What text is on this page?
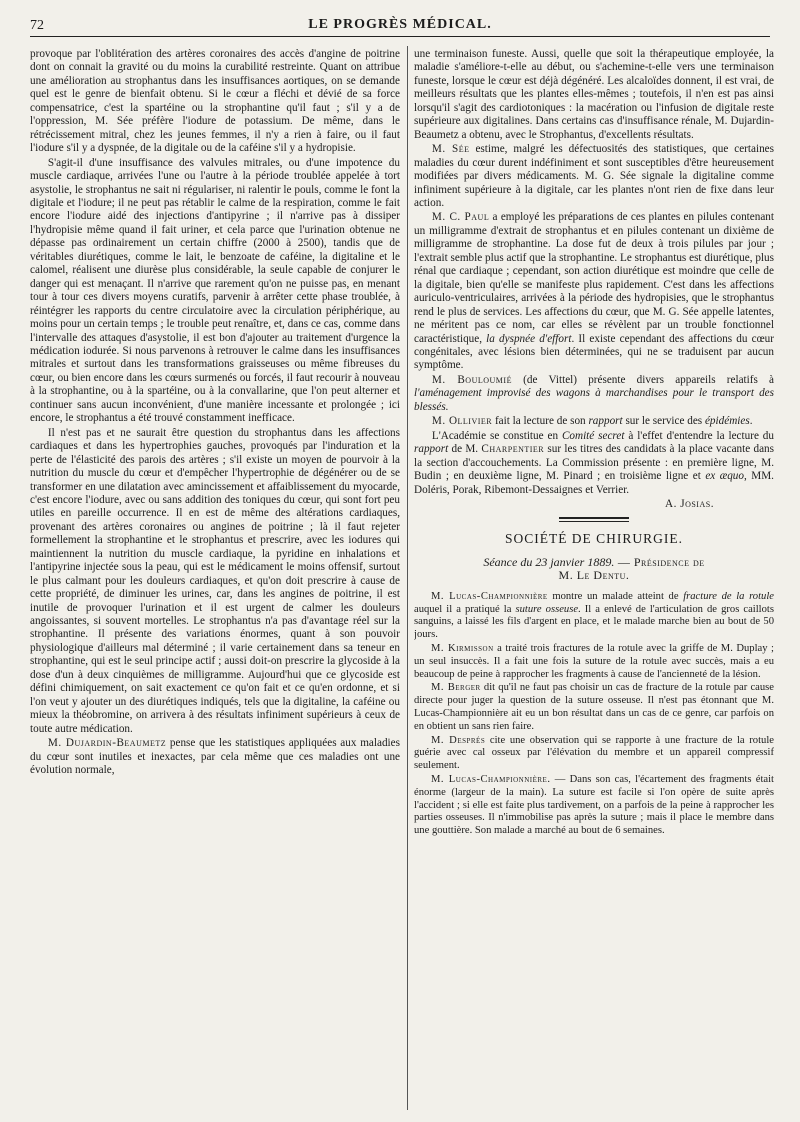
72	LE PROGRÈS MÉDICAL.

provoque par l'oblitération des artères coronaires des accès d'angine de poitrine dont on connait la gravité ou du moins la curabilité restreinte. Quant on attribue une amélioration au strophantus dans les insuffisances aortiques, on se demande quel est le genre de bienfait obtenu. Si le cœur a fléchi et dévié de sa force compensatrice, c'est la spartéine ou la strophantine qu'il faut ; s'il y a de l'oppression, M. Sée préfère l'iodure de potassium. De même, dans le rétrécissement mitral, chez les jeunes femmes, il n'y a rien à faire, ou il faut l'iodure s'il y a dyspnée, de la digitale ou de la caféine s'il y a hydropisie.

S'agit-il d'une insuffisance des valvules mitrales, ou d'une impotence du muscle cardiaque, arrivées l'une ou l'autre à la période troublée appelée à tort asystolie, le strophantus ne sait ni régulariser, ni ralentir le pouls, comme le font la digitale et l'iodure; il ne peut pas rétablir le calme de la respiration, comme le fait encore l'iodure aidé des injections d'antipyrine ; il n'arrive pas à dissiper l'hydropisie même quand il fait uriner, et cela parce que l'urination obtenue ne dépasse pas ordinairement un certain chiffre (2000 à 2500), tandis que de véritables diurétiques, comme le lait, le benzoate de caféine, la digitaline et le calomel, réalisent une diurèse plus considérable, la seule capable de conjurer le danger qui est menaçant. Il n'arrive que rarement qu'on ne puisse pas, en menant tour à tour ces divers moyens curatifs, parvenir à arrêter cette phase troublée, à réintégrer les rapports du centre circulatoire avec la circulation périphérique, au moins pour un certain temps ; le trouble peut renaître, et, dans ce cas, comme dans l'intervalle des attaques d'asystolie, il est bon d'ajouter au traitement d'urgence la médication iodurée. Si nous parvenons à retrouver le calme dans les insuffisances mitrales et surtout dans les transformations graisseuses ou même fibreuses du cœur, ou bien encore dans les cœurs surmenés ou forcés, il faut recourir à nouveau à la strophantine, ou à la spartéine, ou à la convallarine, que l'on peut alterner et continuer sans aucun inconvénient, d'une manière incessante et prolongée ; ici encore, le strophantus a été trouvé constamment inefficace.

Il n'est pas et ne saurait être question du strophantus dans les affections cardiaques et dans les hypertrophies gauches, provoqués par l'induration et la perte de l'élasticité des parois des artères ; s'il existe un moyen de pourvoir à la nutrition du muscle du cœur et d'empêcher l'hypertrophie de dégénérer ou de se transformer en une dilatation avec amincissement et affaiblissement du myocarde, c'est encore l'iodure, avec ou sans addition des toniques du cœur, qui sont fort peu utiles en pareille occurrence. Il en est de même des altérations cardiaques, provenant des artères coronaires ou angines de poitrine ; là il faut rejeter formellement la strophantine et le strophantus et prescrire, avec les iodures qui maintiennent la nutrition du muscle cardiaque, la pyridine en inhalations et l'antipyrine injectée sous la peau, qui est le médicament le moins offensif, surtout le plus calmant pour les douleurs cardiaques, et qu'on doit prescrire à cause de cette propriété, de diminuer les urines, car, dans les angines de poitrine, il est inutile de provoquer l'urination et il est urgent de calmer les douleurs angoissantes, si souvent mortelles. Le strophantus n'a pas d'avantage réel sur la strophantine. Il présente des variations énormes, quant à son pouvoir physiologique d'ailleurs mal déterminé ; il varie certainement dans sa teneur en strophantine, qui est le seul principe actif ; aussi doit-on prescrire la glycoside à la dose d'un à deux cinquièmes de milligramme. Aujourd'hui que ce glycoside est défini chimiquement, on sait exactement ce qu'on fait et ce qu'en ordonne, et si l'on veut y ajouter un des diurétiques indiqués, tels que la digitaline, la caféine ou mieux la théobromine, on arrivera à des résultats infiniment supérieurs à ceux de toute autre médication.

M. Dujardin-Beaumetz pense que les statistiques appliquées aux maladies du cœur sont inutiles et inexactes, par cela même que ces maladies ont une évolution normale,

une terminaison funeste. Aussi, quelle que soit la thérapeutique employée, la maladie s'améliore-t-elle au début, ou s'achemine-t-elle vers une terminaison funeste, lorsque le cœur est déjà dégénéré. Les alcaloïdes donnent, il est vrai, de meilleurs résultats que les plantes elles-mêmes ; toutefois, il n'en est pas ainsi lorsqu'il s'agit des cardiotoniques : la macération ou l'infusion de digitale reste supérieure aux digitalines. Dans certains cas d'insuffisance rénale, M. Dujardin-Beaumetz a obtenu, avec le Strophantus, d'excellents résultats.

M. Sée estime, malgré les défectuosités des statistiques, que certaines maladies du cœur durent indéfiniment et sont susceptibles d'être heureusement modifiées par divers médicaments. M. G. Sée signale la digitaline comme infiniment supérieure à la digitale, car les plantes n'ont rien de fixe dans leur action.

M. C. Paul a employé les préparations de ces plantes en pilules contenant un milligramme d'extrait de strophantus et en pilules contenant un dixième de milligramme de strophantine. La dose fut de deux à trois pilules par jour ; l'extrait semble plus actif que la strophantine. Le strophantus est diurétique, plus rénal que cardiaque ; cependant, son action diurétique est moindre que celle de la digitale, bien qu'elle se manifeste plus rapidement. C'est dans les affections auriculo-ventriculaires, arrivées à la période des hydropisies, que le strophantus rend le plus de services. Les affections du cœur, que M. G. Sée appelle latentes, ne méritent pas ce nom, car elles se révèlent par un trouble fonctionnel caractéristique, la dyspnée d'effort. Il existe cependant des affections du cœur congénitales, avec lésions bien déterminées, qui ne se traduisent par aucun symptôme.

M. Bouloumié (de Vittel) présente divers appareils relatifs à l'aménagement improvisé des wagons à marchandises pour le transport des blessés.

M. Ollivier fait la lecture de son rapport sur le service des épidémies.

L'Académie se constitue en Comité secret à l'effet d'entendre la lecture du rapport de M. Charpentier sur les titres des candidats à la place vacante dans la section d'accouchements. La Commission présente : en première ligne, M. Budin ; en deuxième ligne, M. Pinard ; en troisième ligne et ex æquo, MM. Doléris, Porak, Ribemont-Dessaignes et Verrier.

A. Josias.
SOCIÉTÉ DE CHIRURGIE.
Séance du 23 janvier 1889. — Présidence de
M. Le Dentu.

M. Lucas-Championnière montre un malade atteint de fracture de la rotule auquel il a pratiqué la suture osseuse. Il a enlevé de l'articulation de gros caillots sanguins, a laissé les fils d'argent en place, et le malade marche bien au bout de 50 jours.

M. Kirmisson a traité trois fractures de la rotule avec la griffe de M. Duplay ; un seul insuccès. Il a fait une fois la suture de la rotule avec succès, mais a eu beaucoup de peine à rapprocher les fragments à cause de l'ancienneté de la lésion.

M. Berger dit qu'il ne faut pas choisir un cas de fracture de la rotule par cause directe pour juger la question de la suture osseuse. Il n'est pas étonnant que M. Lucas-Championnière ait eu un bon résultat dans un cas de ce genre, car parfois on en obtient un sans rien faire.

M. Després cite une observation qui se rapporte à une fracture de la rotule guérie avec cal osseux par l'élévation du membre et un appareil compressif seulement.

M. Lucas-Championnière. — Dans son cas, l'écartement des fragments était énorme (largeur de la main). La suture est facile si l'on opère de suite après l'accident ; si elle est faite plus tardivement, on a parfois de la peine à rapprocher les parties osseuses. Il n'immobilise pas après la suture ; mais il place le membre dans une gouttière. Son malade a marché au bout de 6 semaines.
